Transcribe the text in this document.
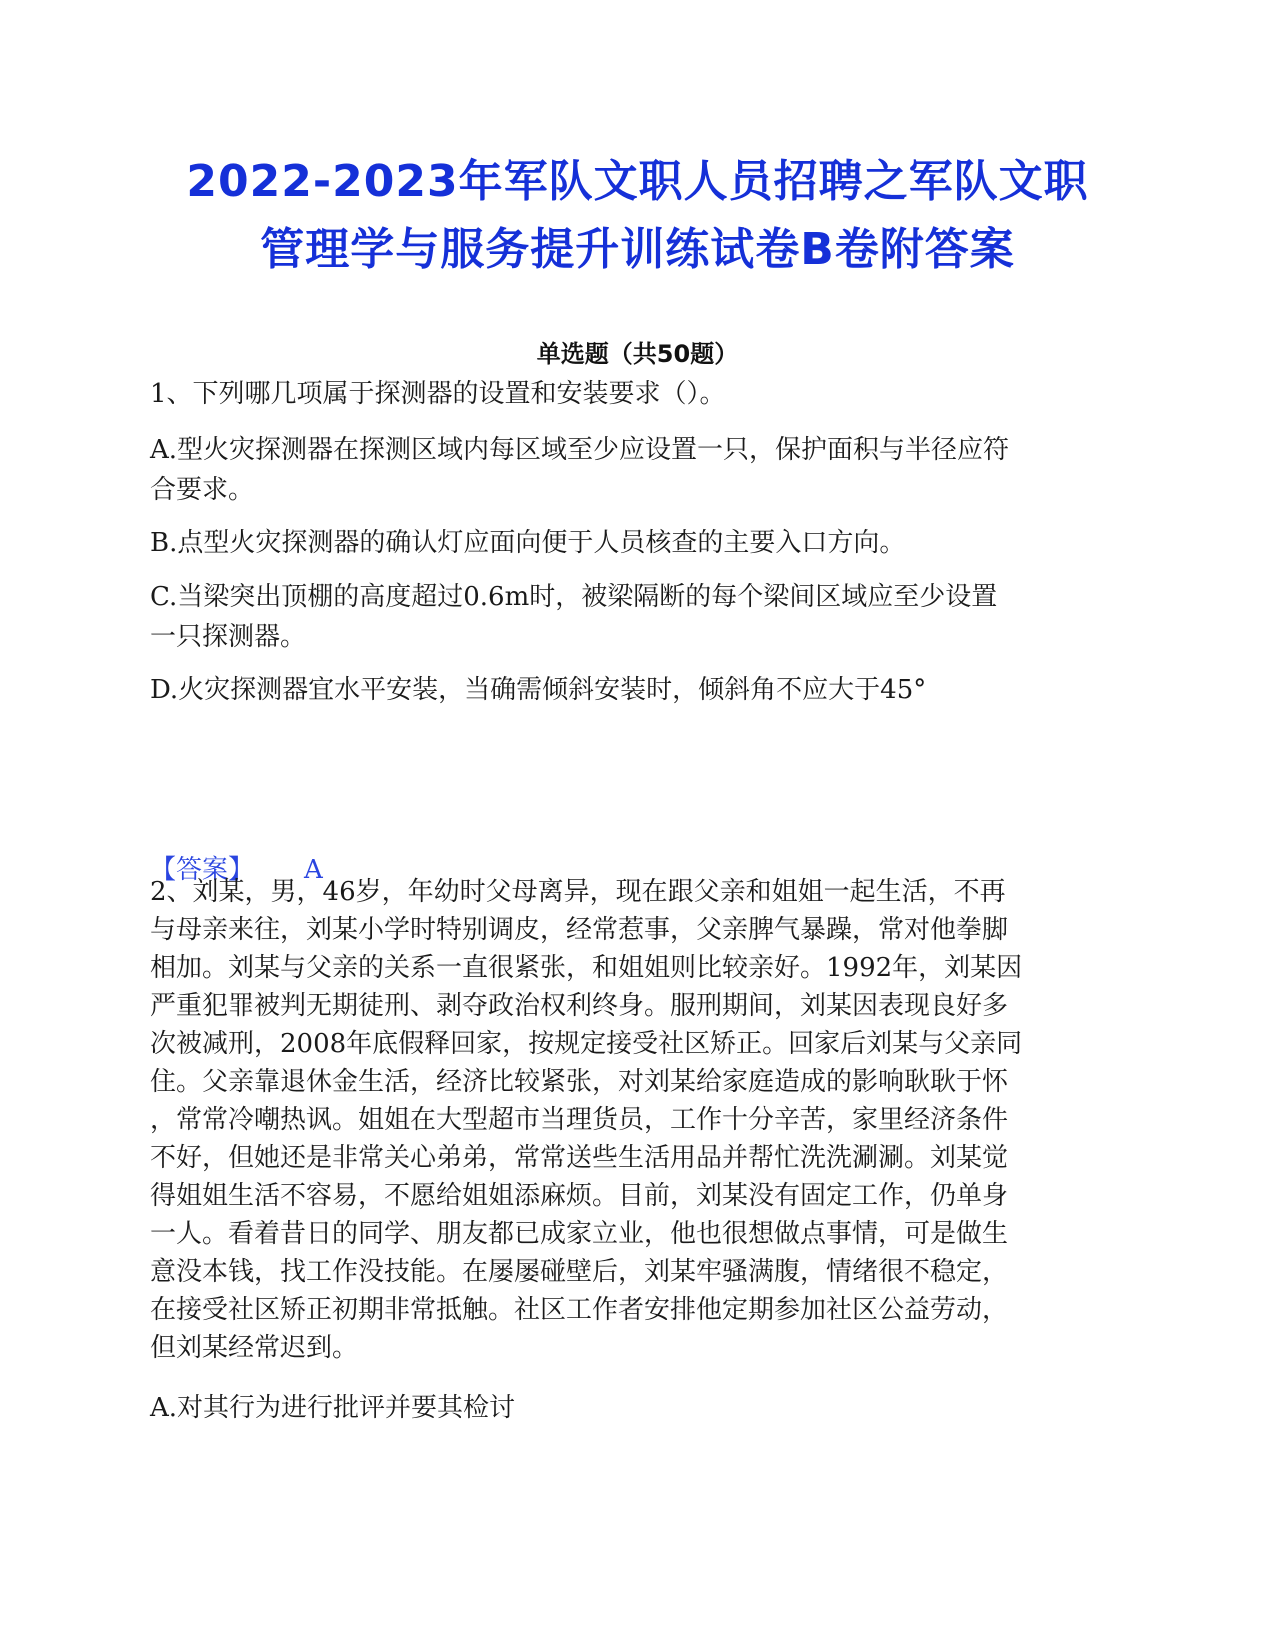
2022-2023年军队文职人员招聘之军队文职
管理学与服务提升训练试卷B卷附答案
单选题（共50题）
1、下列哪几项属于探测器的设置和安装要求（）。
A.型火灾探测器在探测区域内每区域至少应设置一只，保护面积与半径应符
合要求。
B.点型火灾探测器的确认灯应面向便于人员核查的主要入口方向。
C.当梁突出顶棚的高度超过0.6m时，被梁隔断的每个梁间区域应至少设置
一只探测器。
D.火灾探测器宜水平安装，当确需倾斜安装时，倾斜角不应大于45°
【答案】 A
2、刘某，男，46岁，年幼时父母离异，现在跟父亲和姐姐一起生活，不再
与母亲来往，刘某小学时特别调皮，经常惹事，父亲脾气暴躁，常对他拳脚
相加。刘某与父亲的关系一直很紧张，和姐姐则比较亲好。1992年，刘某因
严重犯罪被判无期徒刑、剥夺政治权利终身。服刑期间，刘某因表现良好多
次被减刑，2008年底假释回家，按规定接受社区矫正。回家后刘某与父亲同
住。父亲靠退休金生活，经济比较紧张，对刘某给家庭造成的影响耿耿于怀
，常常冷嘲热讽。姐姐在大型超市当理货员，工作十分辛苦，家里经济条件
不好，但她还是非常关心弟弟，常常送些生活用品并帮忙洗洗涮涮。刘某觉
得姐姐生活不容易，不愿给姐姐添麻烦。目前，刘某没有固定工作，仍单身
一人。看着昔日的同学、朋友都已成家立业，他也很想做点事情，可是做生
意没本钱，找工作没技能。在屡屡碰壁后，刘某牢骚满腹，情绪很不稳定，
在接受社区矫正初期非常抵触。社区工作者安排他定期参加社区公益劳动，
但刘某经常迟到。
A.对其行为进行批评并要其检讨
